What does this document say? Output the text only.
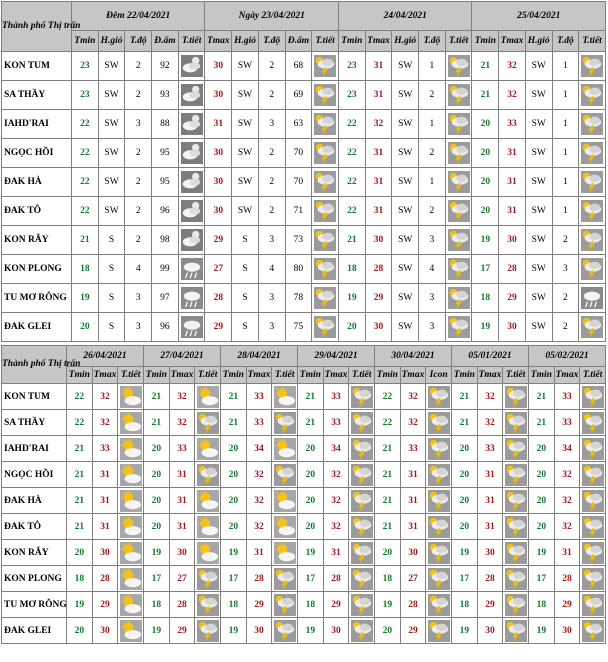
Thành phố Thị trấn	Đêm 22/04/2021					Ngày 23/04/2021					24/04/2021					25/04/2021				
	Tmin	H.gió	T.độ	Đ.ẩm	T.tiết	Tmax	H.gió	T.độ	Đ.ẩm	T.tiết	Tmin	Tmax	H.gió	T.độ	T.tiết	Tmin	Tmax	H.gió	T.độ	T.tiết
KON TUM	23	SW	2	92		30	SW	2	68		23	31	SW	1		21	32	SW	1	
SA THẦY	23	SW	2	93		30	SW	2	69		23	31	SW	2		21	32	SW	1	
IAHD'RAI	22	SW	3	88		31	SW	3	63		22	32	SW	1		20	33	SW	1	
NGỌC HỒI	22	SW	2	95		30	SW	2	70		22	31	SW	2		20	31	SW	1	
ĐAK HÀ	22	SW	2	95		30	SW	2	70		22	31	SW	1		20	31	SW	1	
ĐAK TÔ	22	SW	2	96		30	SW	2	71		22	31	SW	2		20	31	SW	1	
KON RẪY	21	S	2	98		29	S	3	73		21	30	SW	3		19	30	SW	2	
KON PLONG	18	S	4	99		27	S	4	80		18	28	SW	4		17	28	SW	3	
TU MƠ RÔNG	19	S	3	97		28	S	3	78		19	29	SW	3		18	29	SW	2	
ĐAK GLEI	20	S	3	96		29	S	3	75		20	30	SW	3		19	30	SW	2	
Thành phố Thị trấn	26/04/2021			27/04/2021			28/04/2021			29/04/2021			30/04/2021			05/01/2021			05/02/2021		
	Tmin	Tmax	T.tiết	Tmin	Tmax	T.tiết	Tmin	Tmax	T.tiết	Tmin	Tmax	T.tiết	Tmin	Tmax	Icon	Tmin	Tmax	T.tiết	Tmin	Tmax	T.tiết
KON TUM	22	32		21	32		21	33		21	33		22	32		21	32		21	33	
SA THẦY	22	32		21	32		21	33		21	33		22	32		21	32		21	33	
IAHD'RAI	21	33		20	33		20	34		20	34		21	33		20	33		20	34	
NGỌC HỒI	21	31		20	31		20	32		20	32		21	31		20	31		20	32	
ĐAK HÀ	21	31		20	31		20	32		20	32		21	31		20	31		20	32	
ĐAK TÔ	21	31		20	31		20	32		20	32		21	31		20	31		20	32	
KON RẪY	20	30		19	30		19	31		19	31		20	30		19	30		19	31	
KON PLONG	18	28		17	27		17	28		17	28		18	27		17	28		17	28	
TU MƠ RÔNG	19	29		18	28		18	29		18	29		19	28		18	29		18	29	
ĐAK GLEI	20	30		19	29		19	30		19	30		20	29		19	30		19	30	
